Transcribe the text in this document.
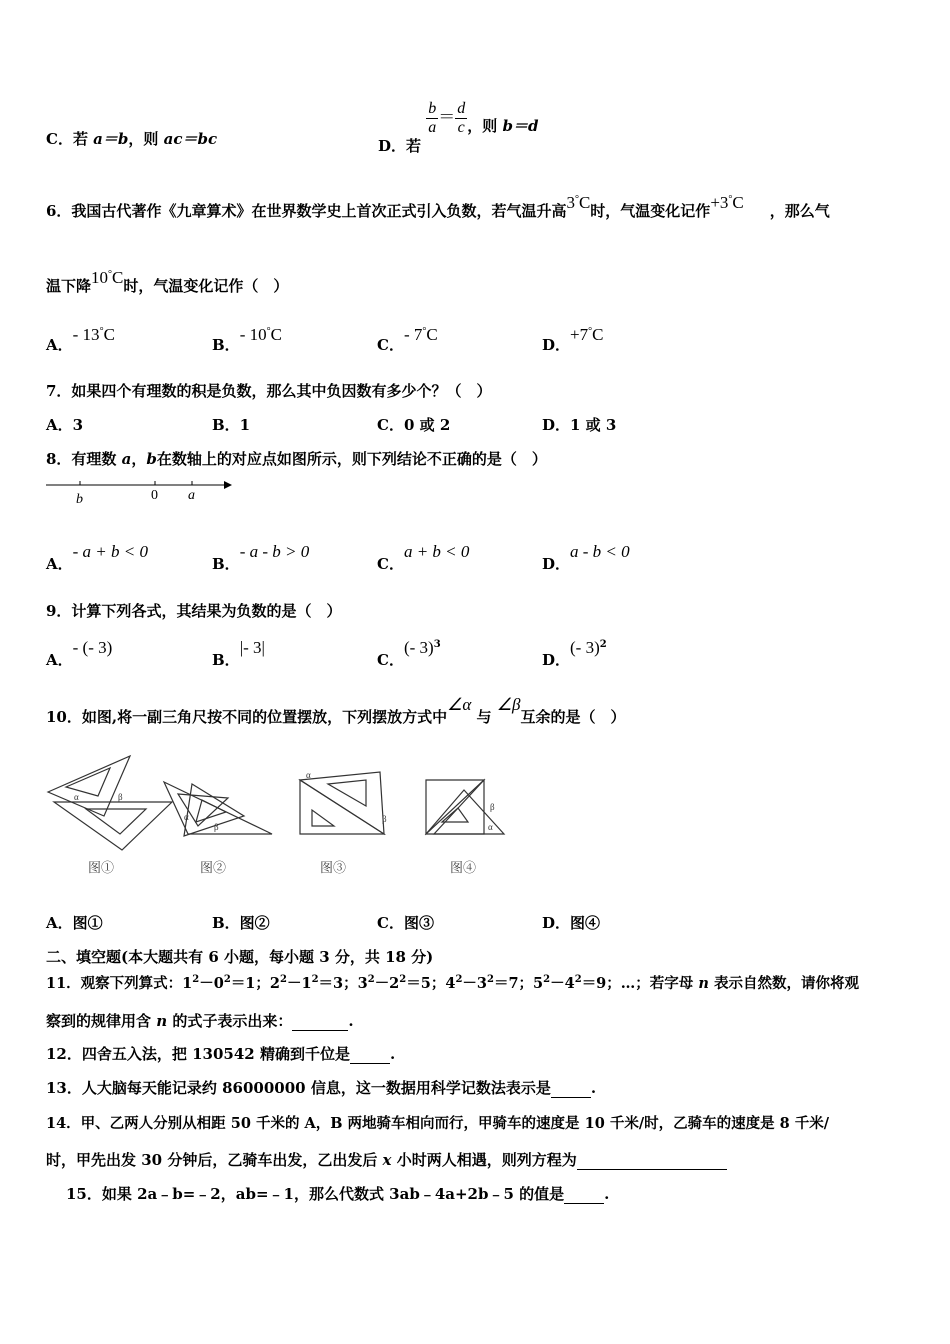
C．若 a＝b，则 ac＝bc	D．若
$\frac{b}{a} = \frac{d}{c}$ ，则 b＝d
6．我国古代著作《九章算术》在世界数学史上首次正式引入负数，若气温升高3°C时，气温变化记作+3°C ，那么气
温下降10°C时，气温变化记作（　）
A．- 13°C
B．- 10°C
C．- 7°C
D．+7°C
7．如果四个有理数的积是负数，那么其中负因数有多少个？（　）
A．3	B．1	C．0 或 2	D．1 或 3
8．有理数 a，b在数轴上的对应点如图所示，则下列结论不正确的是（　）
b	0 a
A．- a + b < 0
B．- a - b > 0
C．a + b < 0
D．a - b < 0
9．计算下列各式，其结果为负数的是（　）
A．- (- 3)
B．|- 3|
C．(- 3)$^3$
D．(- 3)$^2$
10．如图,将一副三角尺按不同的位置摆放，下列摆放方式中∠α 与 ∠β互余的是（　）
α	β
图①
α
β
图②
α
β
图③
α
β
图④
A．图①	B．图②	C．图③	D．图④
二、填空题(本大题共有 6 小题，每小题 3 分，共 18 分)
11．观察下列算式：$1^2-0^2=1$；$2^2-1^2=3$；$3^2-2^2=5$；$4^2-3^2=7$；$5^2-4^2=9$；…；若字母 n 表示自然数，请你将观
察到的规律用含 n 的式子表示出来：	.
12．四舍五入法，把 130542 精确到千位是	.
13．人大脑每天能记录约 86000000 信息，这一数据用科学记数法表示是	.
14．甲、乙两人分别从相距 50 千米的 A，B 两地骑车相向而行，甲骑车的速度是 10 千米/时，乙骑车的速度是 8 千米/
时，甲先出发 30 分钟后，乙骑车出发，乙出发后 x 小时两人相遇，则列方程为
15．如果 2a﹣b=﹣2，ab=﹣1，那么代数式 3ab﹣4a+2b﹣5 的值是	.
